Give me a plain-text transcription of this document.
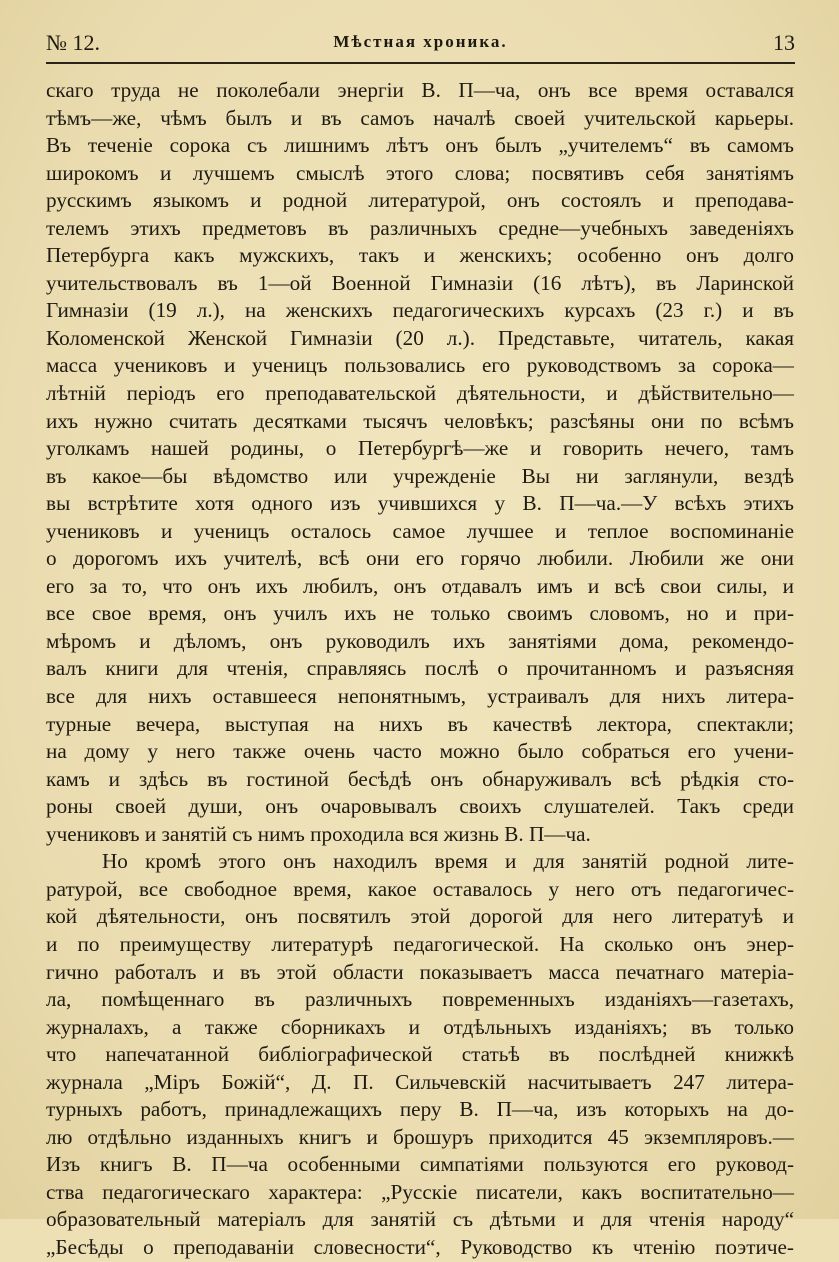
№ 12.	Мѣстная хроника.	13
скаго труда не поколебали энергіи В. П—ча, онъ все время оставался
тѣмъ—же, чѣмъ былъ и въ самоъ началѣ своей учительской карьеры.
Въ теченіе сорока съ лишнимъ лѣтъ онъ былъ „учителемъ“ въ самомъ
широкомъ и лучшемъ смыслѣ этого слова; посвятивъ себя занятіямъ
русскимъ языкомъ и родной литературой, онъ состоялъ и преподава-
телемъ этихъ предметовъ въ различныхъ средне—учебныхъ заведеніяхъ
Петербурга какъ мужскихъ, такъ и женскихъ; особенно онъ долго
учительствовалъ въ 1—ой Военной Гимназіи (16 лѣтъ), въ Ларинской
Гимназіи (19 л.), на женскихъ педагогическихъ курсахъ (23 г.) и въ
Коломенской Женской Гимназіи (20 л.). Представьте, читатель, какая
масса учениковъ и ученицъ пользовались его руководствомъ за сорока—
лѣтній періодъ его преподавательской дѣятельности, и дѣйствительно—
ихъ нужно считать десятками тысячъ человѣкъ; разсѣяны они по всѣмъ
уголкамъ нашей родины, о Петербургѣ—же и говорить нечего, тамъ
въ какое—бы вѣдомство или учрежденіе Вы ни заглянули, вездѣ
вы встрѣтите хотя одного изъ учившихся у В. П—ча.—У всѣхъ этихъ
учениковъ и ученицъ осталось самое лучшее и теплое воспоминаніе
о дорогомъ ихъ учителѣ, всѣ они его горячо любили. Любили же они
его за то, что онъ ихъ любилъ, онъ отдавалъ имъ и всѣ свои силы, и
все свое время, онъ училъ ихъ не только своимъ словомъ, но и при-
мѣромъ и дѣломъ, онъ руководилъ ихъ занятіями дома, рекомендо-
валъ книги для чтенія, справляясь послѣ о прочитанномъ и разъясняя
все для нихъ оставшееся непонятнымъ, устраивалъ для нихъ литера-
турные вечера, выступая на нихъ въ качествѣ лектора, спектакли;
на дому у него также очень часто можно было собраться его учени-
камъ и здѣсь въ гостиной бесѣдѣ онъ обнаруживалъ всѣ рѣдкія сто-
роны своей души, онъ очаровывалъ своихъ слушателей. Такъ среди
учениковъ и занятій съ нимъ проходила вся жизнь В. П—ча.
Но кромѣ этого онъ находилъ время и для занятій родной лите-
ратурой, все свободное время, какое оставалось у него отъ педагогичес-
кой дѣятельности, онъ посвятилъ этой дорогой для него литератуѣ и
и по преимуществу литературѣ педагогической. На сколько онъ энер-
гично работалъ и въ этой области показываетъ масса печатнаго матеріа-
ла, помѣщеннаго въ различныхъ повременныхъ изданіяхъ—газетахъ,
журналахъ, а также сборникахъ и отдѣльныхъ изданіяхъ; въ только
что напечатанной библіографической статьѣ въ послѣдней книжкѣ
журнала „Міръ Божій“, Д. П. Сильчевскій насчитываетъ 247 литера-
турныхъ работъ, принадлежащихъ перу В. П—ча, изъ которыхъ на до-
лю отдѣльно изданныхъ книгъ и брошуръ приходится 45 экземпляровъ.—
Изъ книгъ В. П—ча особенными симпатіями пользуются его руковод-
ства педагогическаго характера: „Русскіе писатели, какъ воспитательно—
образовательный матеріалъ для занятій съ дѣтьми и для чтенія народу“
„Бесѣды о преподаваніи словесности“, Руководство къ чтенію поэтиче-
